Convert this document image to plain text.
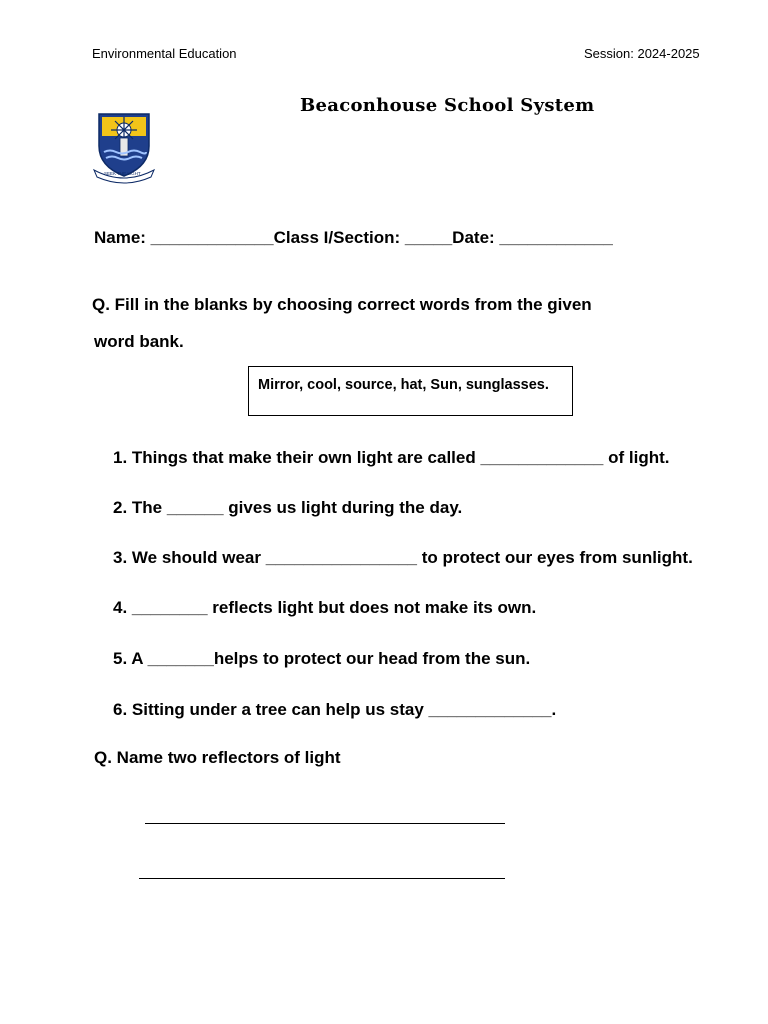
Environmental Education	Session: 2024-2025
Beaconhouse School System
SEEK THE LIGHT
Name: _____________Class I/Section: _____Date: ____________
Q. Fill in the blanks by choosing correct words from the given
word bank.
Mirror, cool, source, hat, Sun, sunglasses.
1. Things that make their own light are called _____________ of light.
2. The ______ gives us light during the day.
3. We should wear ________________ to protect our eyes from sunlight.
4. ________ reflects light but does not make its own.
5. A _______helps to protect our head from the sun.
6. Sitting under a tree can help us stay _____________.
Q. Name two reflectors of light
